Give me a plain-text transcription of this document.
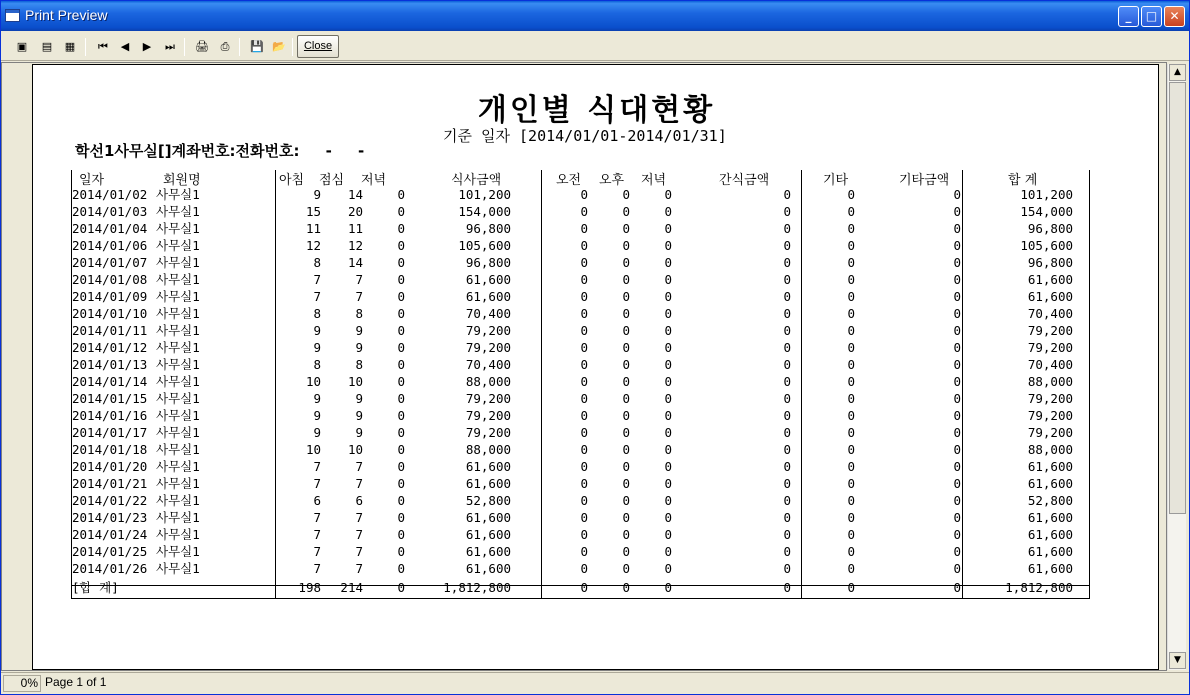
Print Preview	_	□	✕
▣	▤	▦	⏮	◀	▶	⏭	🖨	⎙	💾 📂	Close
개인별 식대현황
기준 일자 [2014/01/01-2014/01/31]
학선1사무실[]계좌번호:전화번호:     -     -
일자	회원명	아침 점심 저녁	식사금액	오전 오후 저녁	간식금액	기타	기타금액	합 계
2014/01/02 사무실1	9	14	0	101,200	0	0	0	0	0	0	101,200
2014/01/03 사무실1	15	20	0	154,000	0	0	0	0	0	0	154,000
2014/01/04 사무실1	11	11	0	96,800	0	0	0	0	0	0	96,800
2014/01/06 사무실1	12	12	0	105,600	0	0	0	0	0	0	105,600
2014/01/07 사무실1	8	14	0	96,800	0	0	0	0	0	0	96,800
2014/01/08 사무실1	7	7	0	61,600	0	0	0	0	0	0	61,600
2014/01/09 사무실1	7	7	0	61,600	0	0	0	0	0	0	61,600
2014/01/10 사무실1	8	8	0	70,400	0	0	0	0	0	0	70,400
2014/01/11 사무실1	9	9	0	79,200	0	0	0	0	0	0	79,200
2014/01/12 사무실1	9	9	0	79,200	0	0	0	0	0	0	79,200
2014/01/13 사무실1	8	8	0	70,400	0	0	0	0	0	0	70,400
2014/01/14 사무실1	10	10	0	88,000	0	0	0	0	0	0	88,000
2014/01/15 사무실1	9	9	0	79,200	0	0	0	0	0	0	79,200
2014/01/16 사무실1	9	9	0	79,200	0	0	0	0	0	0	79,200
2014/01/17 사무실1	9	9	0	79,200	0	0	0	0	0	0	79,200
2014/01/18 사무실1	10	10	0	88,000	0	0	0	0	0	0	88,000
2014/01/20 사무실1	7	7	0	61,600	0	0	0	0	0	0	61,600
2014/01/21 사무실1	7	7	0	61,600	0	0	0	0	0	0	61,600
2014/01/22 사무실1	6	6	0	52,800	0	0	0	0	0	0	52,800
2014/01/23 사무실1	7	7	0	61,600	0	0	0	0	0	0	61,600
2014/01/24 사무실1	7	7	0	61,600	0	0	0	0	0	0	61,600
2014/01/25 사무실1	7	7	0	61,600	0	0	0	0	0	0	61,600
2014/01/26 사무실1	7	7	0	61,600	0	0	0	0	0	0	61,600
[합 계]	198	214	0	1,812,800	0	0	0	0	0	0	1,812,800
▲
▼
0% Page 1 of 1
